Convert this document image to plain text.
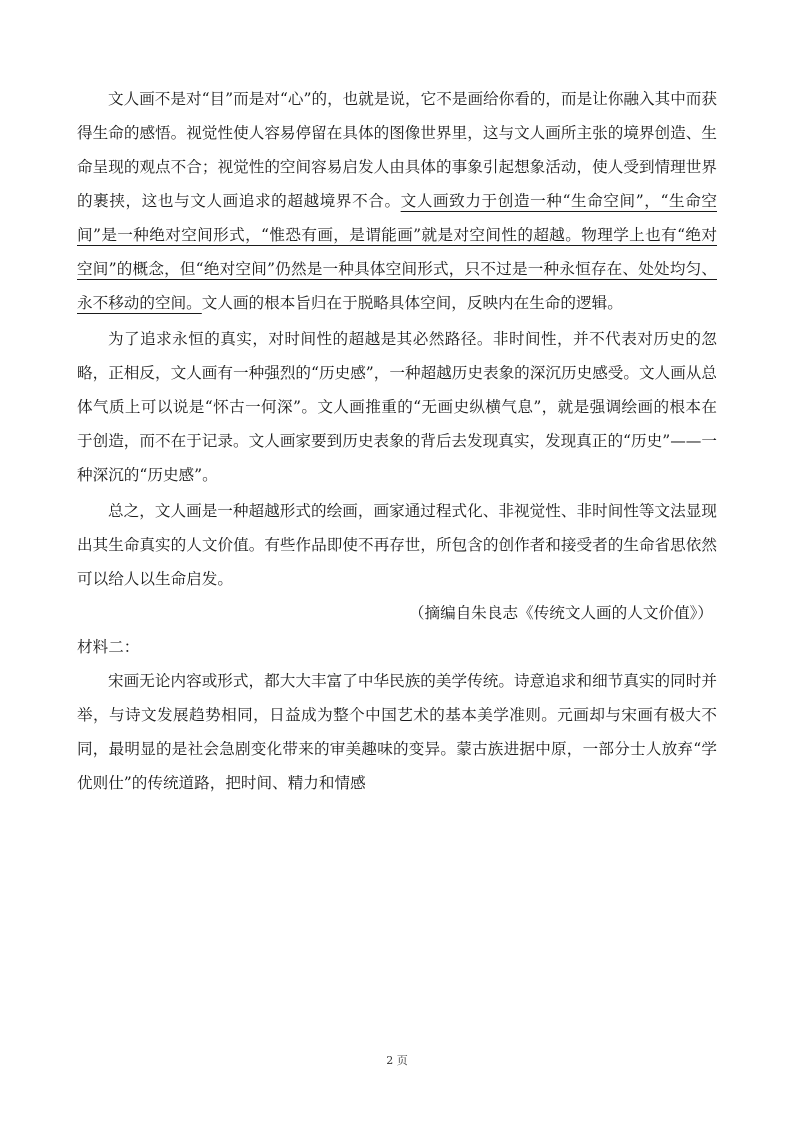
文人画不是对“目”而是对“心”的，也就是说，它不是画给你看的，而是让你融入其中而获得生命的感悟。视觉性使人容易停留在具体的图像世界里，这与文人画所主张的境界创造、生命呈现的观点不合；视觉性的空间容易启发人由具体的事象引起想象活动，使人受到情理世界的裹挟，这也与文人画追求的超越境界不合。文人画致力于创造一种“生命空间”，“生命空间”是一种绝对空间形式，“惟恐有画，是谓能画”就是对空间性的超越。物理学上也有“绝对空间”的概念，但“绝对空间”仍然是一种具体空间形式，只不过是一种永恒存在、处处均匀、永不移动的空间。文人画的根本旨归在于脱略具体空间，反映内在生命的逻辑。

为了追求永恒的真实，对时间性的超越是其必然路径。非时间性，并不代表对历史的忽略，正相反，文人画有一种强烈的“历史感”，一种超越历史表象的深沉历史感受。文人画从总体气质上可以说是“怀古一何深”。文人画推重的“无画史纵横气息”，就是强调绘画的根本在于创造，而不在于记录。文人画家要到历史表象的背后去发现真实，发现真正的“历史”——一种深沉的“历史感”。

总之，文人画是一种超越形式的绘画，画家通过程式化、非视觉性、非时间性等文法显现出其生命真实的人文价值。有些作品即使不再存世，所包含的创作者和接受者的生命省思依然可以给人以生命启发。

（摘编自朱良志《传统文人画的人文价值》）

材料二：

宋画无论内容或形式，都大大丰富了中华民族的美学传统。诗意追求和细节真实的同时并举，与诗文发展趋势相同，日益成为整个中国艺术的基本美学准则。元画却与宋画有极大不同，最明显的是社会急剧变化带来的审美趣味的变异。蒙古族进据中原，一部分士人放弃“学优则仕”的传统道路，把时间、精力和情感

2 页
